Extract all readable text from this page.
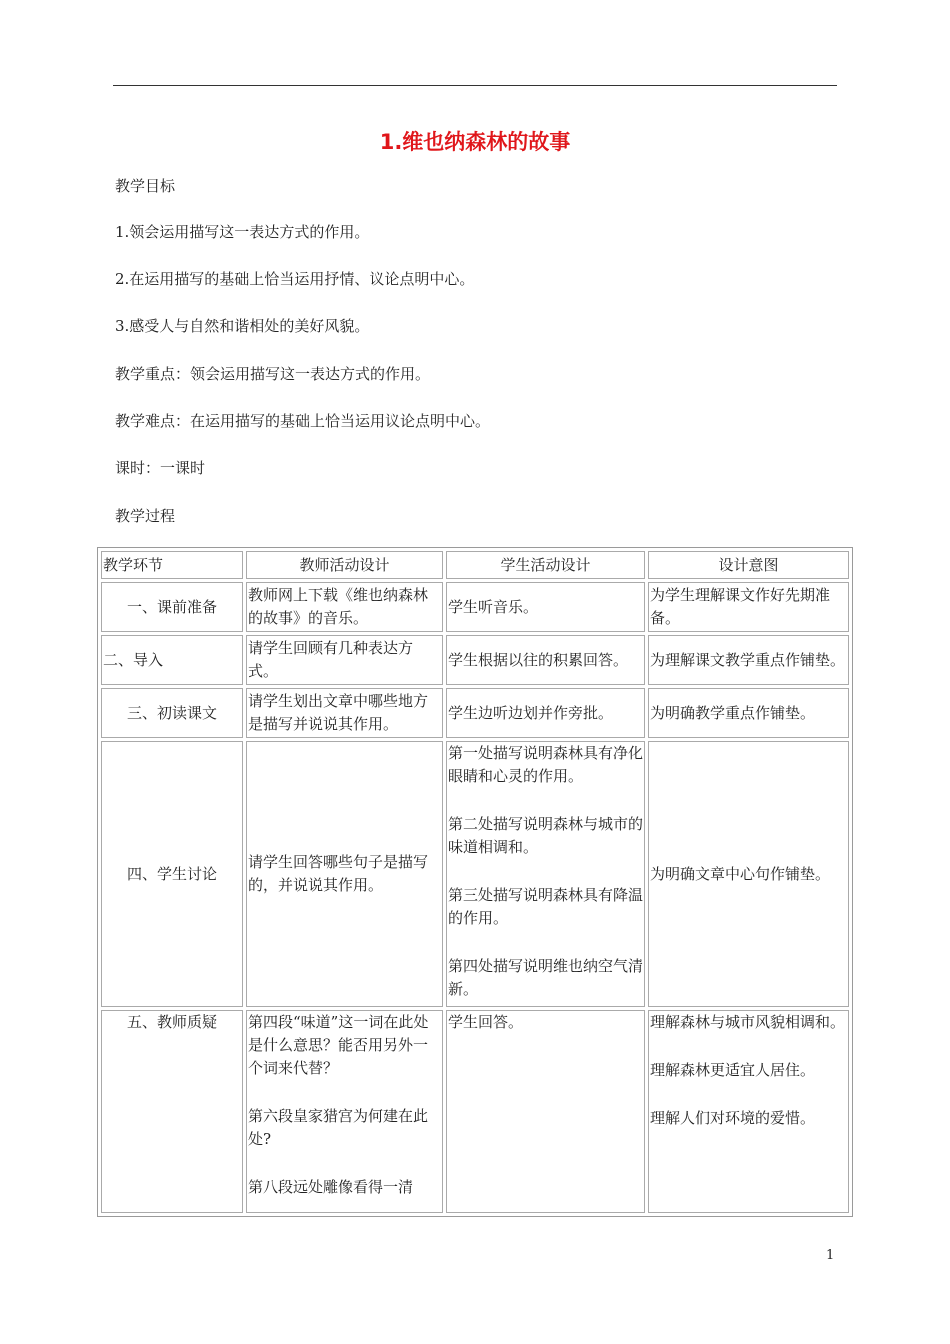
1.维也纳森林的故事
教学目标
1.领会运用描写这一表达方式的作用。
2.在运用描写的基础上恰当运用抒情、议论点明中心。
3.感受人与自然和谐相处的美好风貌。
教学重点：领会运用描写这一表达方式的作用。
教学难点：在运用描写的基础上恰当运用议论点明中心。
课时：一课时
教学过程
教学环节	教师活动设计	学生活动设计	设计意图
一、课前准备	教师网上下载《维也纳森林的故事》的音乐。	学生听音乐。	为学生理解课文作好先期准备。
二、导入	请学生回顾有几种表达方式。	学生根据以往的积累回答。	为理解课文教学重点作铺垫。
三、初读课文	请学生划出文章中哪些地方是描写并说说其作用。	学生边听边划并作旁批。	为明确教学重点作铺垫。
四、学生讨论	请学生回答哪些句子是描写的，并说说其作用。	第一处描写说明森林具有净化眼睛和心灵的作用。
第二处描写说明森林与城市的味道相调和。
第三处描写说明森林具有降温的作用。
第四处描写说明维也纳空气清新。	为明确文章中心句作铺垫。
五、教师质疑	第四段“味道”这一词在此处是什么意思？能否用另外一个词来代替？
第六段皇家猎宫为何建在此处?
第八段远处雕像看得一清	学生回答。	理解森林与城市风貌相调和。
理解森林更适宜人居住。
理解人们对环境的爱惜。
1
